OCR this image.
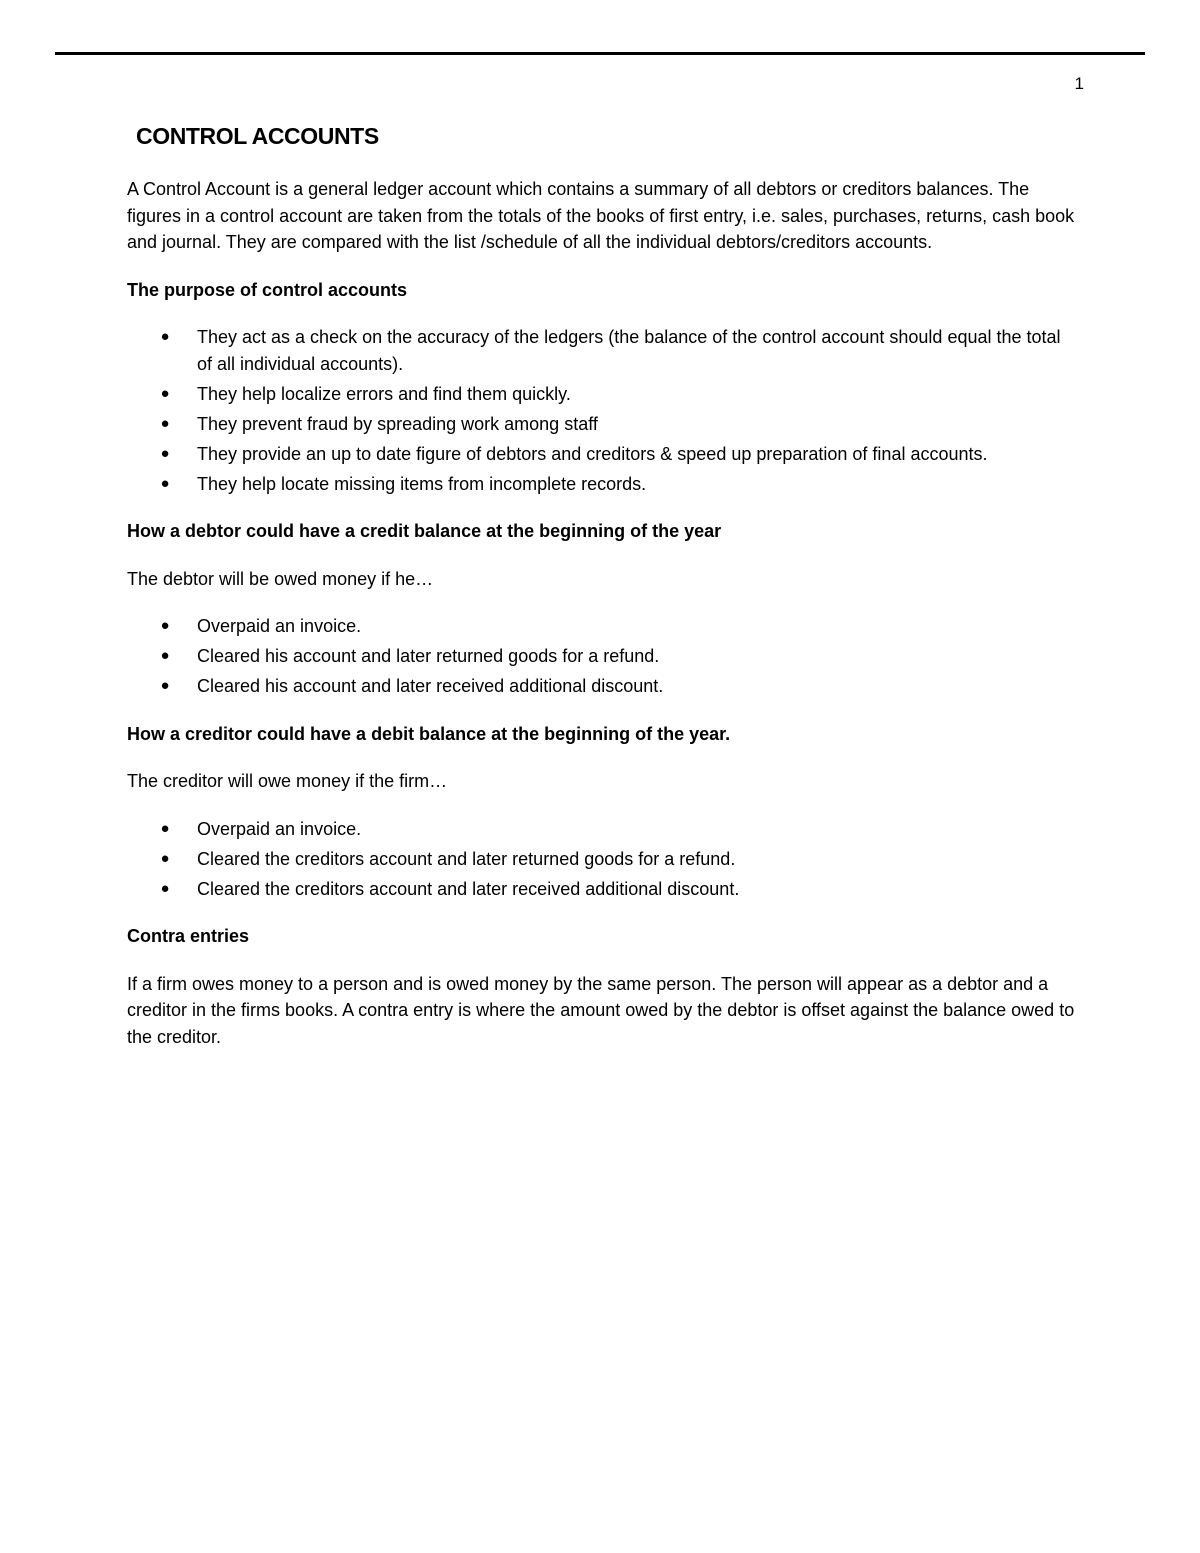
1
CONTROL ACCOUNTS

A Control Account is a general ledger account which contains a summary of all debtors or creditors balances. The figures in a control account are taken from the totals of the books of first entry, i.e. sales, purchases, returns, cash book and journal. They are compared with the list /schedule of all the individual debtors/creditors accounts.

The purpose of control accounts

● They act as a check on the accuracy of the ledgers (the balance of the control account should equal the total of all individual accounts).
● They help localize errors and find them quickly.
● They prevent fraud by spreading work among staff
● They provide an up to date figure of debtors and creditors & speed up preparation of final accounts.
● They help locate missing items from incomplete records.

How a debtor could have a credit balance at the beginning of the year

The debtor will be owed money if he…

● Overpaid an invoice.
● Cleared his account and later returned goods for a refund.
● Cleared his account and later received additional discount.

How a creditor could have a debit balance at the beginning of the year.

The creditor will owe money if the firm…

● Overpaid an invoice.
● Cleared the creditors account and later returned goods for a refund.
● Cleared the creditors account and later received additional discount.

Contra entries

If a firm owes money to a person and is owed money by the same person. The person will appear as a debtor and a creditor in the firms books. A contra entry is where the amount owed by the debtor is offset against the balance owed to the creditor.
